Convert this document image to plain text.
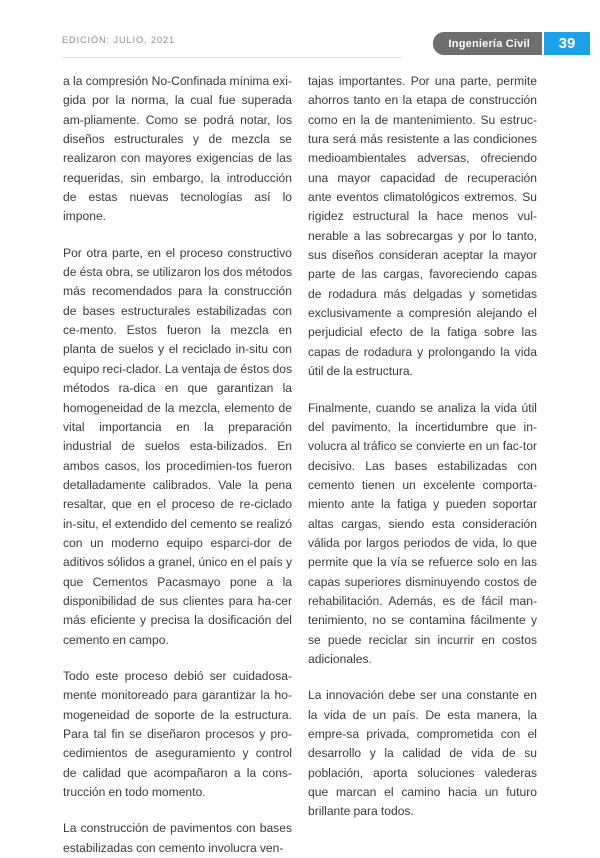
EDICIÓN: JULIO, 2021	Ingeniería Civil	39

a la compresión No-Confinada mínima exi-gida por la norma, la cual fue superada am-pliamente. Como se podrá notar, los diseños estructurales y de mezcla se realizaron con mayores exigencias de las requeridas, sin embargo, la introducción de estas nuevas tecnologías así lo impone.

Por otra parte, en el proceso constructivo de ésta obra, se utilizaron los dos métodos más recomendados para la construcción de bases estructurales estabilizadas con ce-mento. Estos fueron la mezcla en planta de suelos y el reciclado in-situ con equipo reci-clador. La ventaja de éstos dos métodos ra-dica en que garantizan la homogeneidad de la mezcla, elemento de vital importancia en la preparación industrial de suelos esta-bilizados. En ambos casos, los procedimien-tos fueron detalladamente calibrados. Vale la pena resaltar, que en el proceso de re-ciclado in-situ, el extendido del cemento se realizó con un moderno equipo esparci-dor de aditivos sólidos a granel, único en el país y que Cementos Pacasmayo pone a la disponibilidad de sus clientes para ha-cer más eficiente y precisa la dosificación del cemento en campo.

Todo este proceso debió ser cuidadosa-mente monitoreado para garantizar la ho-mogeneidad de soporte de la estructura. Para tal fin se diseñaron procesos y pro-cedimientos de aseguramiento y control de calidad que acompañaron a la cons-trucción en todo momento.

La construcción de pavimentos con bases estabilizadas con cemento involucra ven-

tajas importantes. Por una parte, permite ahorros tanto en la etapa de construcción como en la de mantenimiento. Su estruc-tura será más resistente a las condiciones medioambientales adversas, ofreciendo una mayor capacidad de recuperación ante eventos climatológicos extremos. Su rigidez estructural la hace menos vul-nerable a las sobrecargas y por lo tanto, sus diseños consideran aceptar la mayor parte de las cargas, favoreciendo capas de rodadura más delgadas y sometidas exclusivamente a compresión alejando el perjudicial efecto de la fatiga sobre las capas de rodadura y prolongando la vida útil de la estructura.

Finalmente, cuando se analiza la vida útil del pavimento, la incertidumbre que in-volucra al tráfico se convierte en un fac-tor decisivo. Las bases estabilizadas con cemento tienen un excelente comporta-miento ante la fatiga y pueden soportar altas cargas, siendo esta consideración válida por largos periodos de vida, lo que permite que la vía se refuerce solo en las capas superiores disminuyendo costos de rehabilitación. Además, es de fácil man-tenimiento, no se contamina fácilmente y se puede reciclar sin incurrir en costos adicionales.

La innovación debe ser una constante en la vida de un país. De esta manera, la empre-sa privada, comprometida con el desarrollo y la calidad de vida de su población, aporta soluciones valederas que marcan el camino hacia un futuro brillante para todos.
